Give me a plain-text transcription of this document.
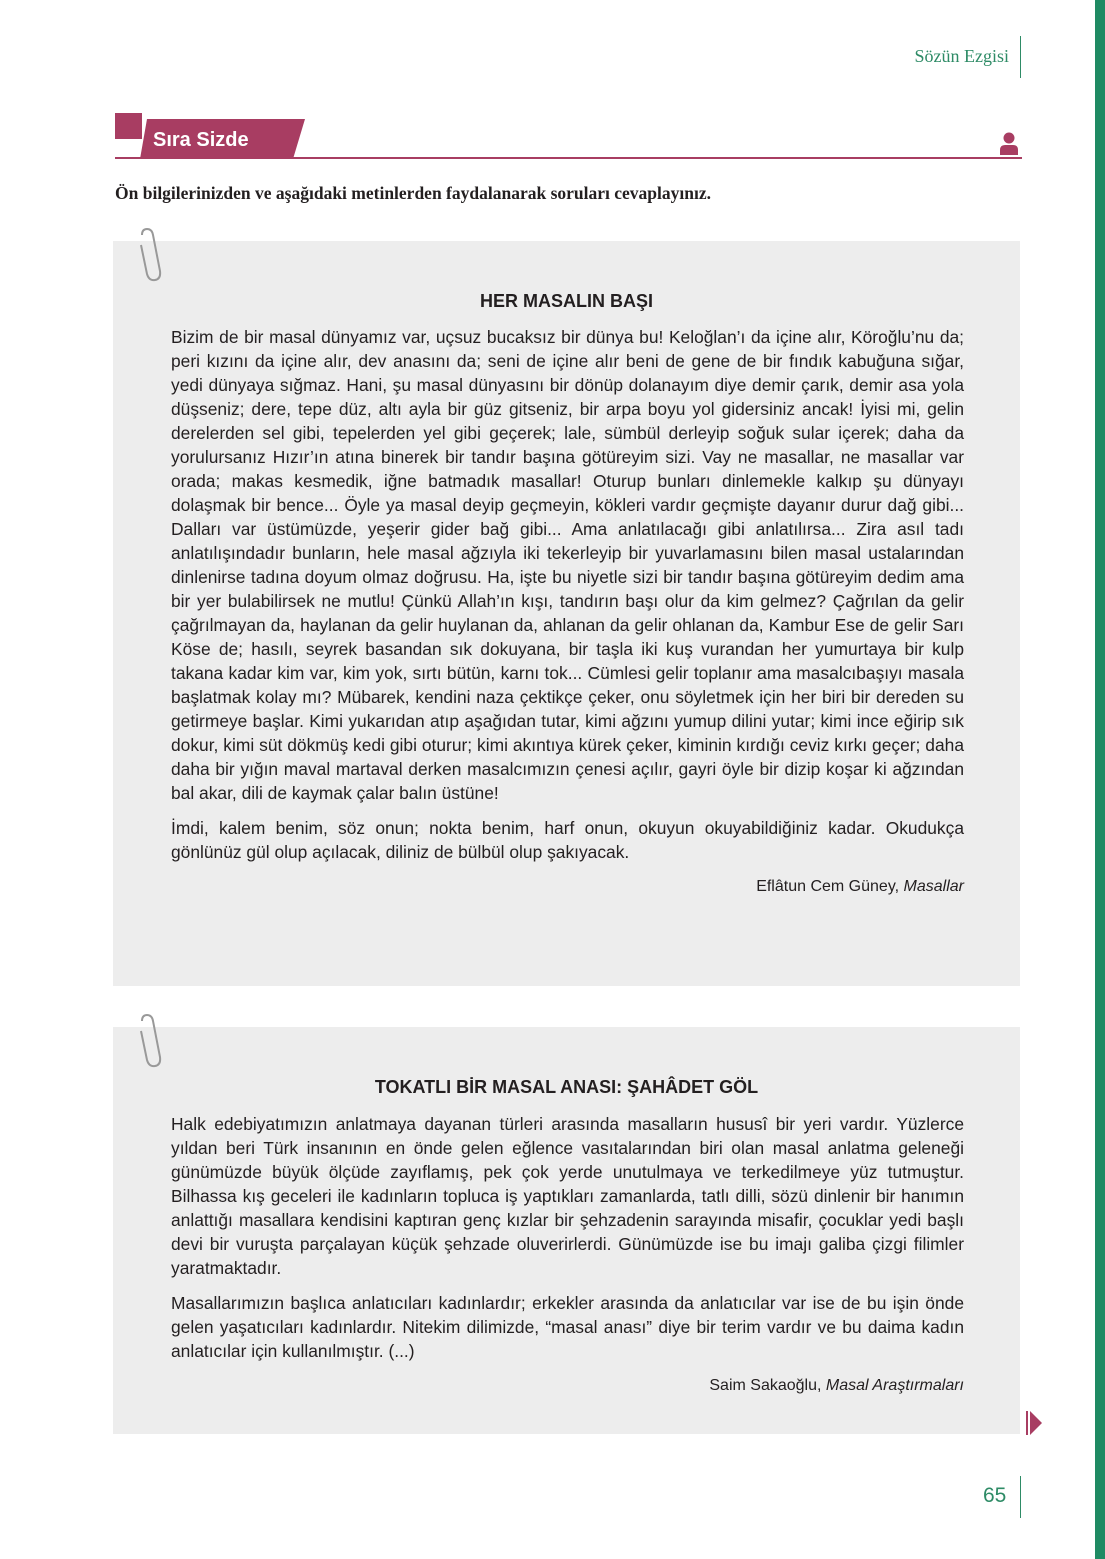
Sözün Ezgisi
Sıra Sizde
Ön bilgilerinizden ve aşağıdaki metinlerden faydalanarak soruları cevaplayınız.
HER MASALIN BAŞI

Bizim de bir masal dünyamız var, uçsuz bucaksız bir dünya bu! Keloğlan’ı da içine alır, Köroğlu’nu da; peri kızını da içine alır, dev anasını da; seni de içine alır beni de gene de bir fındık kabuğuna sığar, yedi dünyaya sığmaz. Hani, şu masal dünyasını bir dönüp dolanayım diye demir çarık, demir asa yola düşseniz; dere, tepe düz, altı ayla bir güz gitseniz, bir arpa boyu yol gidersiniz ancak! İyisi mi, gelin derelerden sel gibi, tepelerden yel gibi geçerek; lale, sümbül derleyip soğuk sular içerek; daha da yorulursanız Hızır’ın atına binerek bir tandır başına götüreyim sizi. Vay ne masallar, ne masallar var orada; makas kesmedik, iğne batmadık masallar! Oturup bunları dinlemekle kalkıp şu dünyayı dolaşmak bir bence... Öyle ya masal deyip geçmeyin, kökleri vardır geçmişte dayanır durur dağ gibi... Dalları var üstümüzde, yeşerir gider bağ gibi... Ama anlatılacağı gibi anlatılırsa... Zira asıl tadı anlatılışındadır bunların, hele masal ağzıyla iki tekerleyip bir yuvarlamasını bilen masal ustalarından dinlenirse tadına doyum olmaz doğrusu. Ha, işte bu niyetle sizi bir tandır başına götüreyim dedim ama bir yer bulabilirsek ne mutlu! Çünkü Allah’ın kışı, tandırın başı olur da kim gelmez? Çağrılan da gelir çağrılmayan da, haylanan da gelir huylanan da, ahlanan da gelir ohlanan da, Kambur Ese de gelir Sarı Köse de; hasılı, seyrek basandan sık dokuyana, bir taşla iki kuş vurandan her yumurtaya bir kulp takana kadar kim var, kim yok, sırtı bütün, karnı tok... Cümlesi gelir toplanır ama masalcıbaşıyı masala başlatmak kolay mı? Mübarek, kendini naza çektikçe çeker, onu söyletmek için her biri bir dereden su getirmeye başlar. Kimi yukarıdan atıp aşağıdan tutar, kimi ağzını yumup dilini yutar; kimi ince eğirip sık dokur, kimi süt dökmüş kedi gibi oturur; kimi akıntıya kürek çeker, kiminin kırdığı ceviz kırkı geçer; daha daha bir yığın maval martaval derken masalcımızın çenesi açılır, gayri öyle bir dizip koşar ki ağzından bal akar, dili de kaymak çalar balın üstüne!

İmdi, kalem benim, söz onun; nokta benim, harf onun, okuyun okuyabildiğiniz kadar. Okudukça gönlünüz gül olup açılacak, diliniz de bülbül olup şakıyacak.

Eflâtun Cem Güney, Masallar
TOKATLI BİR MASAL ANASI: ŞAHÂDET GÖL

Halk edebiyatımızın anlatmaya dayanan türleri arasında masalların hususî bir yeri vardır. Yüzlerce yıldan beri Türk insanının en önde gelen eğlence vasıtalarından biri olan masal anlatma geleneği günümüzde büyük ölçüde zayıflamış, pek çok yerde unutulmaya ve terkedilmeye yüz tutmuştur. Bilhassa kış geceleri ile kadınların topluca iş yaptıkları zamanlarda, tatlı dilli, sözü dinlenir bir hanımın anlattığı masallara kendisini kaptıran genç kızlar bir şehzadenin sarayında misafir, çocuklar yedi başlı devi bir vuruşta parçalayan küçük şehzade oluverirlerdi. Günümüzde ise bu imajı galiba çizgi filimler yaratmaktadır.

Masallarımızın başlıca anlatıcıları kadınlardır; erkekler arasında da anlatıcılar var ise de bu işin önde gelen yaşatıcıları kadınlardır. Nitekim dilimizde, “masal anası” diye bir terim vardır ve bu daima kadın anlatıcılar için kullanılmıştır. (...)

Saim Sakaoğlu, Masal Araştırmaları
65
